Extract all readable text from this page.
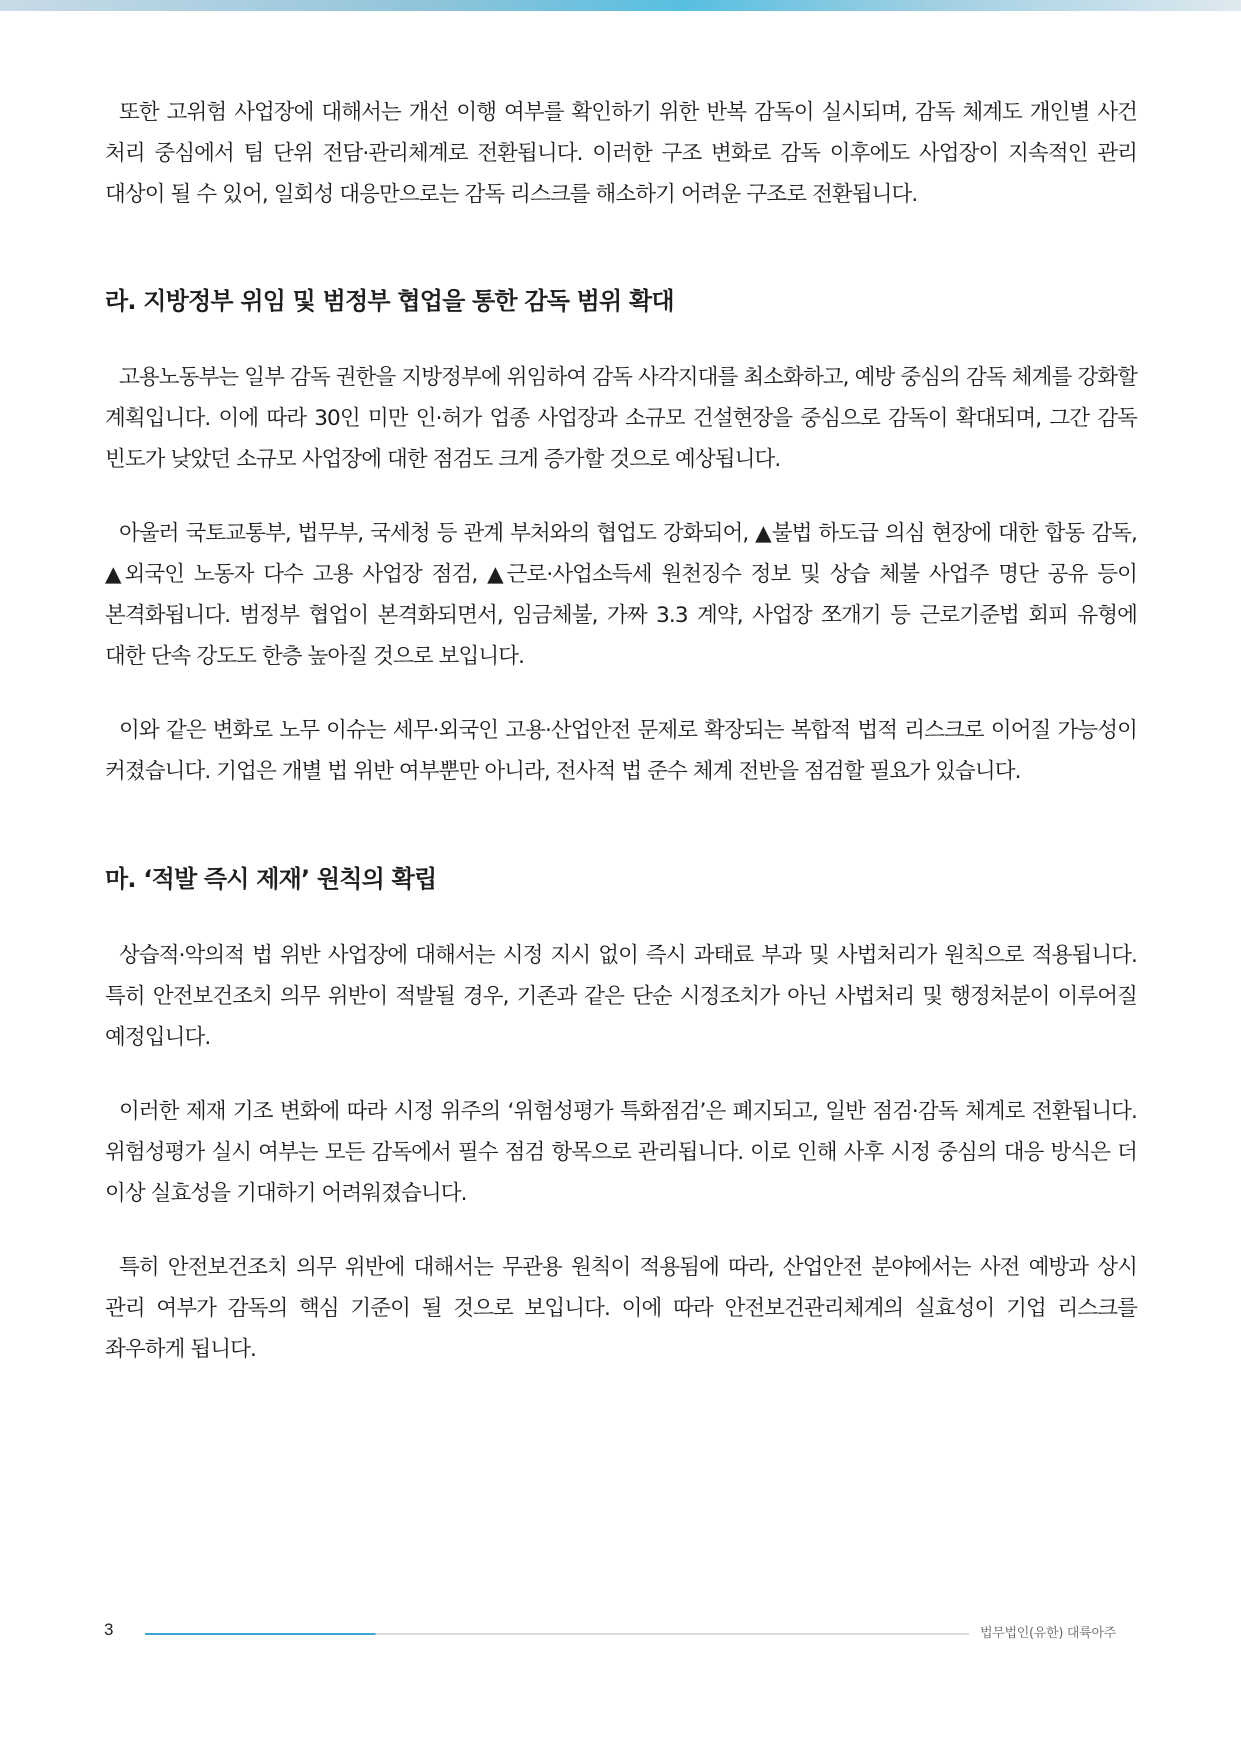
또한 고위험 사업장에 대해서는 개선 이행 여부를 확인하기 위한 반복 감독이 실시되며, 감독 체계도 개인별 사건 처리 중심에서 팀 단위 전담·관리체계로 전환됩니다. 이러한 구조 변화로 감독 이후에도 사업장이 지속적인 관리 대상이 될 수 있어, 일회성 대응만으로는 감독 리스크를 해소하기 어려운 구조로 전환됩니다.

라. 지방정부 위임 및 범정부 협업을 통한 감독 범위 확대

고용노동부는 일부 감독 권한을 지방정부에 위임하여 감독 사각지대를 최소화하고, 예방 중심의 감독 체계를 강화할 계획입니다. 이에 따라 30인 미만 인·허가 업종 사업장과 소규모 건설현장을 중심으로 감독이 확대되며, 그간 감독 빈도가 낮았던 소규모 사업장에 대한 점검도 크게 증가할 것으로 예상됩니다.

아울러 국토교통부, 법무부, 국세청 등 관계 부처와의 협업도 강화되어, ▲불법 하도급 의심 현장에 대한 합동 감독, ▲외국인 노동자 다수 고용 사업장 점검, ▲근로·사업소득세 원천징수 정보 및 상습 체불 사업주 명단 공유 등이 본격화됩니다. 범정부 협업이 본격화되면서, 임금체불, 가짜 3.3 계약, 사업장 쪼개기 등 근로기준법 회피 유형에 대한 단속 강도도 한층 높아질 것으로 보입니다.

이와 같은 변화로 노무 이슈는 세무·외국인 고용·산업안전 문제로 확장되는 복합적 법적 리스크로 이어질 가능성이 커졌습니다. 기업은 개별 법 위반 여부뿐만 아니라, 전사적 법 준수 체계 전반을 점검할 필요가 있습니다.

마. ‘적발 즉시 제재’ 원칙의 확립

상습적·악의적 법 위반 사업장에 대해서는 시정 지시 없이 즉시 과태료 부과 및 사법처리가 원칙으로 적용됩니다. 특히 안전보건조치 의무 위반이 적발될 경우, 기존과 같은 단순 시정조치가 아닌 사법처리 및 행정처분이 이루어질 예정입니다.

이러한 제재 기조 변화에 따라 시정 위주의 ‘위험성평가 특화점검’은 폐지되고, 일반 점검·감독 체계로 전환됩니다. 위험성평가 실시 여부는 모든 감독에서 필수 점검 항목으로 관리됩니다. 이로 인해 사후 시정 중심의 대응 방식은 더 이상 실효성을 기대하기 어려워졌습니다.

특히 안전보건조치 의무 위반에 대해서는 무관용 원칙이 적용됨에 따라, 산업안전 분야에서는 사전 예방과 상시 관리 여부가 감독의 핵심 기준이 될 것으로 보입니다. 이에 따라 안전보건관리체계의 실효성이 기업 리스크를 좌우하게 됩니다.

3	법무법인(유한) 대륙아주
